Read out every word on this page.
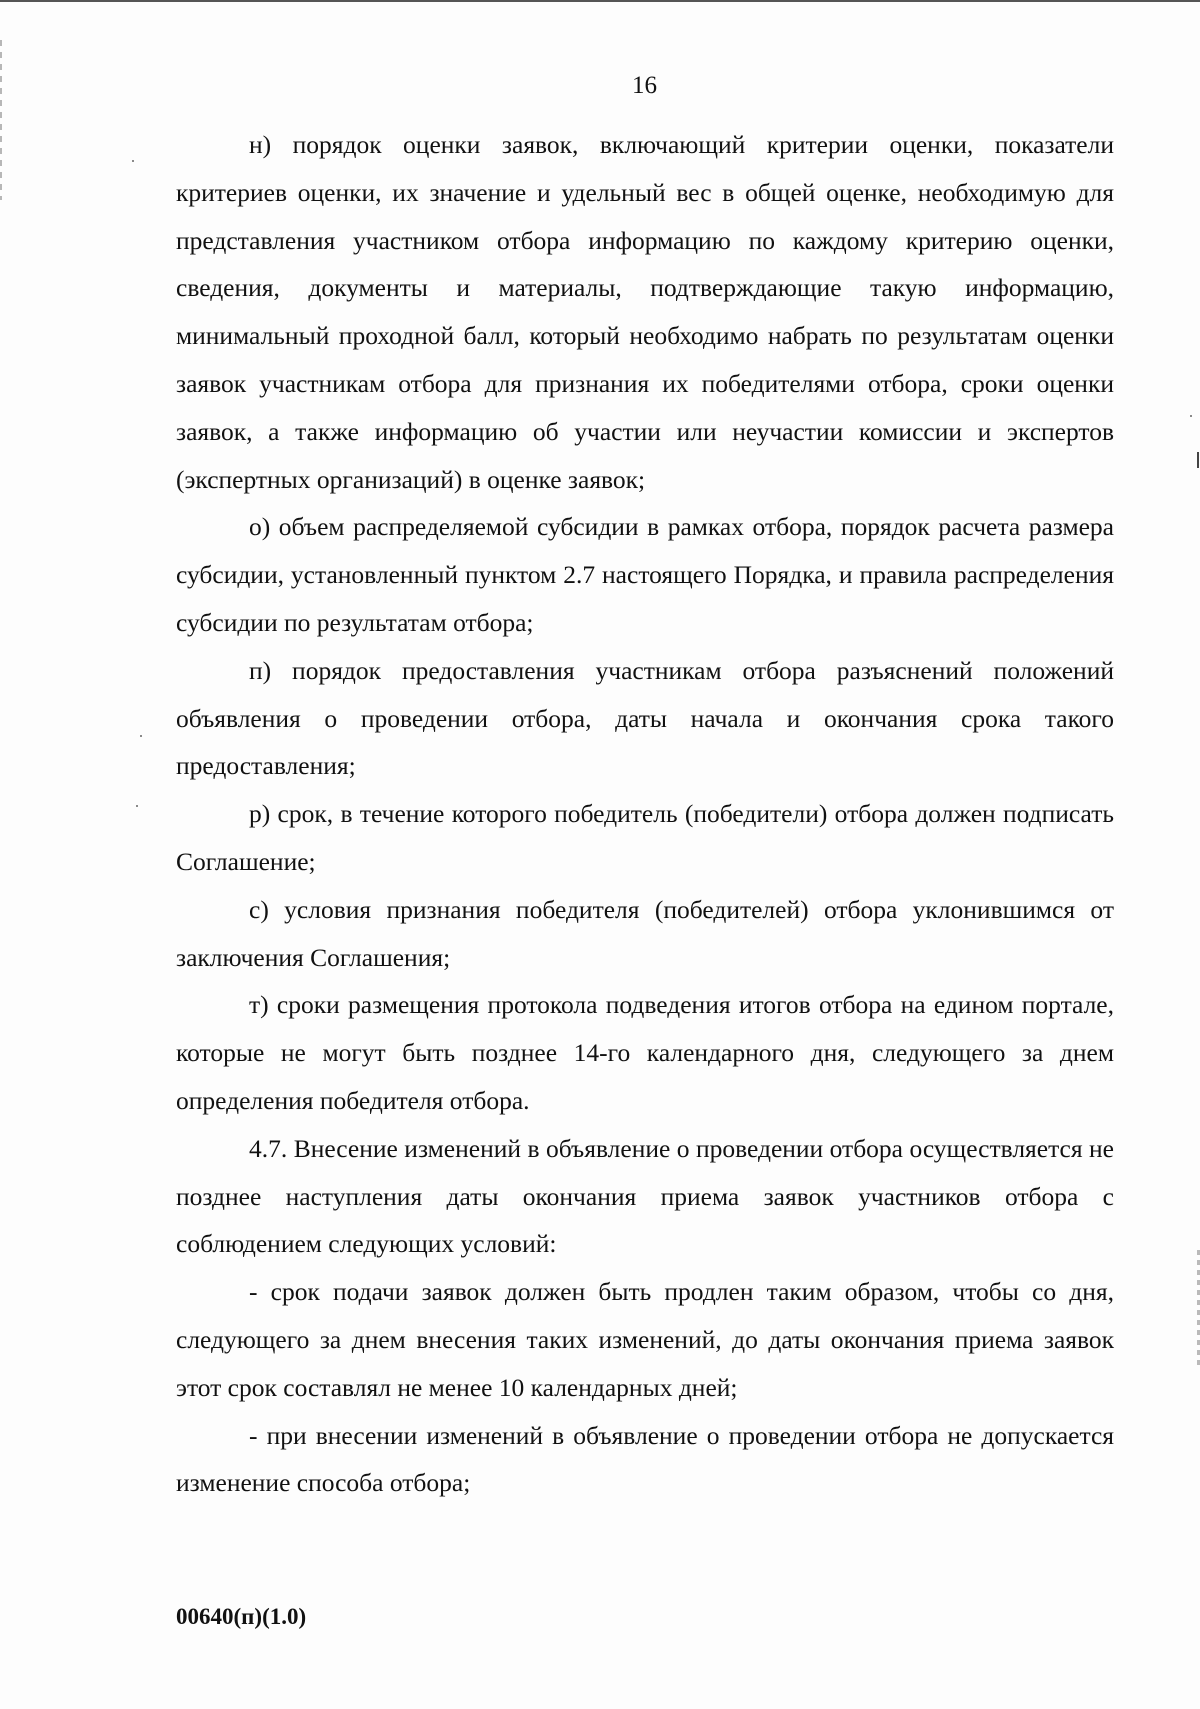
16

н) порядок оценки заявок, включающий критерии оценки, показатели критериев оценки, их значение и удельный вес в общей оценке, необходимую для представления участником отбора информацию по каждому критерию оценки, сведения, документы и материалы, подтверждающие такую информацию, минимальный проходной балл, который необходимо набрать по результатам оценки заявок участникам отбора для признания их победителями отбора, сроки оценки заявок, а также информацию об участии или неучастии комиссии и экспертов (экспертных организаций) в оценке заявок;

о) объем распределяемой субсидии в рамках отбора, порядок расчета размера субсидии, установленный пунктом 2.7 настоящего Порядка, и правила распределения субсидии по результатам отбора;

п) порядок предоставления участникам отбора разъяснений положений объявления о проведении отбора, даты начала и окончания срока такого предоставления;

р) срок, в течение которого победитель (победители) отбора должен подписать Соглашение;

с) условия признания победителя (победителей) отбора уклонившимся от заключения Соглашения;

т) сроки размещения протокола подведения итогов отбора на едином портале, которые не могут быть позднее 14-го календарного дня, следующего за днем определения победителя отбора.

4.7. Внесение изменений в объявление о проведении отбора осуществляется не позднее наступления даты окончания приема заявок участников отбора с соблюдением следующих условий:

- срок подачи заявок должен быть продлен таким образом, чтобы со дня, следующего за днем внесения таких изменений, до даты окончания приема заявок этот срок составлял не менее 10 календарных дней;

- при внесении изменений в объявление о проведении отбора не допускается изменение способа отбора;

00640(п)(1.0)
